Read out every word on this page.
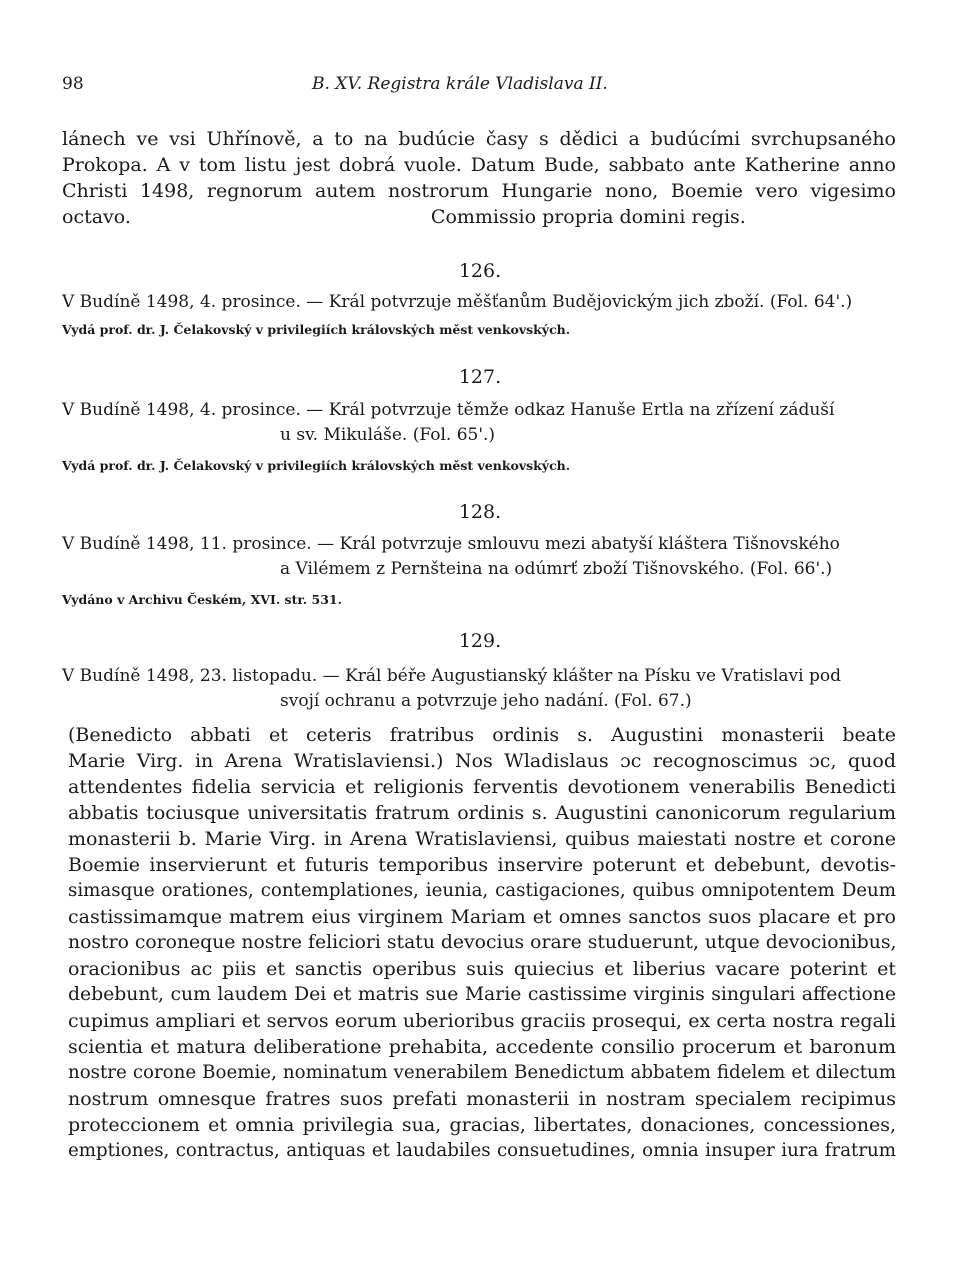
98	B. XV. Registra krále Vladislava II.
lánech ve vsi Uhřínově, a to na budúcie časy s dědici a budúcími svrchupsaného
Prokopa. A v tom listu jest dobrá vuole. Datum Bude, sabbato ante Katherine anno
Christi 1498, regnorum autem nostrorum Hungarie nono, Boemie vero vigesimo
octavo.	Commissio propria domini regis.
126.
V Budíně 1498, 4. prosince. — Král potvrzuje měšťanům Budějovickým jich zboží. (Fol. 64'.)
Vydá prof. dr. J. Čelakovský v privilegiích královských měst venkovských.
127.
V Budíně 1498, 4. prosince. — Král potvrzuje těmže odkaz Hanuše Ertla na zřízení záduší
u sv. Mikuláše. (Fol. 65'.)
Vydá prof. dr. J. Čelakovský v privilegiích královských měst venkovských.
128.
V Budíně 1498, 11. prosince. — Král potvrzuje smlouvu mezi abatyší kláštera Tišnovského
a Vilémem z Pernšteina na odúmrť zboží Tišnovského. (Fol. 66'.)
Vydáno v Archivu Českém, XVI. str. 531.
129.
V Budíně 1498, 23. listopadu. — Král béře Augustianský klášter na Písku ve Vratislavi pod
svojí ochranu a potvrzuje jeho nadání. (Fol. 67.)
(Benedicto abbati et ceteris fratribus ordinis s. Augustini monasterii beate
Marie Virg. in Arena Wratislaviensi.) Nos Wladislaus ɔc recognoscimus ɔc, quod
attendentes fidelia servicia et religionis ferventis devotionem venerabilis Benedicti
abbatis tociusque universitatis fratrum ordinis s. Augustini canonicorum regularium
monasterii b. Marie Virg. in Arena Wratislaviensi, quibus maiestati nostre et corone
Boemie inservierunt et futuris temporibus inservire poterunt et debebunt, devotis-
simasque orationes, contemplationes, ieunia, castigaciones, quibus omnipotentem Deum
castissimamque matrem eius virginem Mariam et omnes sanctos suos placare et pro
nostro coroneque nostre feliciori statu devocius orare studuerunt, utque devocionibus,
oracionibus ac piis et sanctis operibus suis quiecius et liberius vacare poterint et
debebunt, cum laudem Dei et matris sue Marie castissime virginis singulari affectione
cupimus ampliari et servos eorum uberioribus graciis prosequi, ex certa nostra regali
scientia et matura deliberatione prehabita, accedente consilio procerum et baronum
nostre corone Boemie, nominatum venerabilem Benedictum abbatem fidelem et dilectum
nostrum omnesque fratres suos prefati monasterii in nostram specialem recipimus
proteccionem et omnia privilegia sua, gracias, libertates, donaciones, concessiones,
emptiones, contractus, antiquas et laudabiles consuetudines, omnia insuper iura fratrum
